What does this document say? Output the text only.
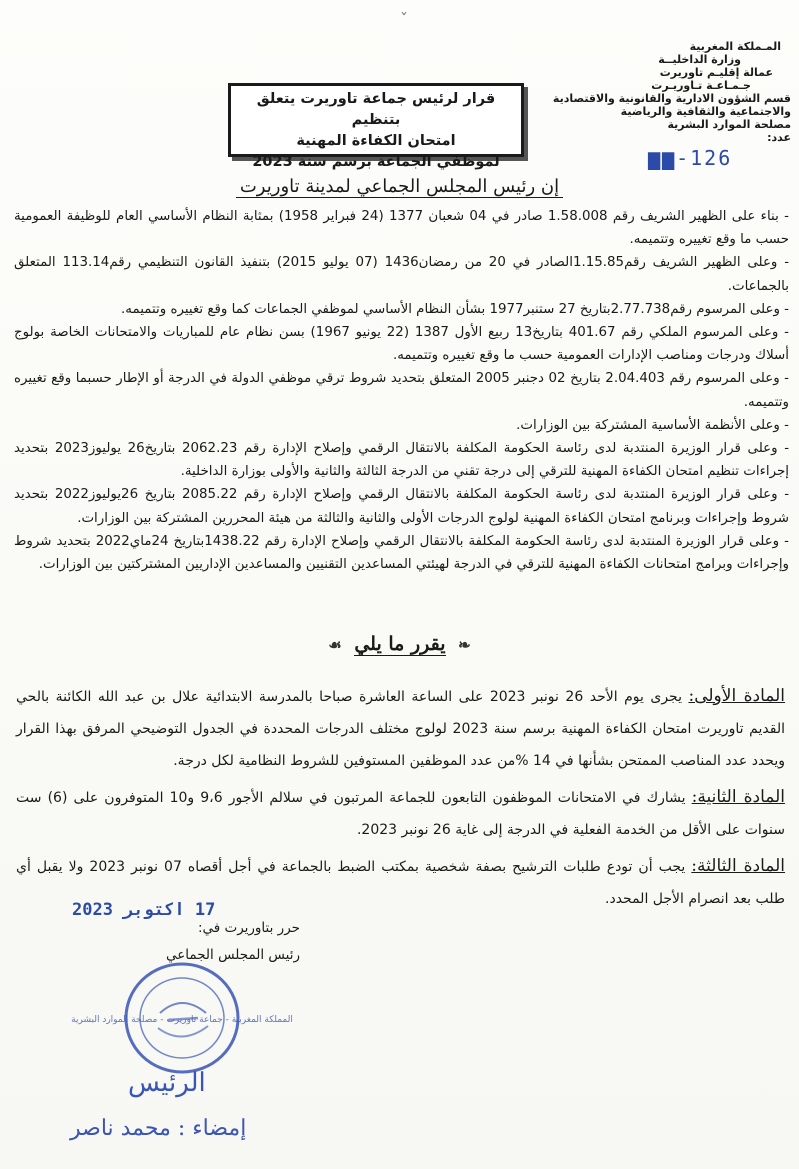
ˇ
المـملكة المغربية
وزارة الداخليــة
عمالة إقليـم تاوريرت
جـمـاعـة تـاوريـرت
قسم الشؤون الادارية والقانونية والاقتصادية
والاجتماعية والثقافية والرياضية
مصلحة الموارد البشرية
عدد:
▆▆-126
قرار لرئيس جماعة تاوريرت يتعلق بتنظيم
امتحان الكفاءة المهنية
لموظفي الجماعة برسم سنة 2023
إن رئيس المجلس الجماعي لمدينة تاوريرت

- بناء على الظهير الشريف رقم 1.58.008 صادر في 04 شعبان 1377 (24 فبراير 1958) بمثابة النظام الأساسي العام للوظيفة العمومية حسب ما وقع تغييره وتتميمه.

- وعلى الظهير الشريف رقم1.15.85الصادر في 20 من رمضان1436 (07 يوليو 2015) بتنفيذ القانون التنظيمي رقم113.14 المتعلق بالجماعات.

- وعلى المرسوم رقم2.77.738بتاريخ 27 ستنبر1977 بشأن النظام الأساسي لموظفي الجماعات كما وقع تغييره وتتميمه.

- وعلى المرسوم الملكي رقم 401.67 بتاريخ13 ربيع الأول 1387 (22 يونيو 1967) بسن نظام عام للمباريات والامتحانات الخاصة بولوج أسلاك ودرجات ومناصب الإدارات العمومية حسب ما وقع تغييره وتتميمه.

- وعلى المرسوم رقم 2.04.403 بتاريخ 02 دجنبر 2005 المتعلق بتحديد شروط ترقي موظفي الدولة في الدرجة أو الإطار حسبما وقع تغييره وتتميمه.

- وعلى الأنظمة الأساسية المشتركة بين الوزارات.

- وعلى قرار الوزيرة المنتدبة لدى رئاسة الحكومة المكلفة بالانتقال الرقمي وإصلاح الإدارة رقم 2062.23 بتاريخ26 يوليوز2023 بتحديد إجراءات تنظيم امتحان الكفاءة المهنية للترقي إلى درجة تقني من الدرجة الثالثة والثانية والأولى بوزارة الداخلية.

- وعلى قرار الوزيرة المنتدبة لدى رئاسة الحكومة المكلفة بالانتقال الرقمي وإصلاح الإدارة رقم 2085.22 بتاريخ 26يوليوز2022 بتحديد شروط وإجراءات وبرنامج امتحان الكفاءة المهنية لولوج الدرجات الأولى والثانية والثالثة من هيئة المحررين المشتركة بين الوزارات.

- وعلى قرار الوزيرة المنتدبة لدى رئاسة الحكومة المكلفة بالانتقال الرقمي وإصلاح الإدارة رقم 1438.22بتاريخ 24ماي2022 بتحديد شروط وإجراءات وبرامج امتحانات الكفاءة المهنية للترقي في الدرجة لهيئتي المساعدين التقنيين والمساعدين الإداريين المشتركتين بين الوزارات.

❧ يقرر ما يلي ☙

المادة الأولى: يجرى يوم الأحد 26 نونبر 2023 على الساعة العاشرة صباحا بالمدرسة الابتدائية علال بن عبد الله الكائنة بالحي القديم تاوريرت امتحان الكفاءة المهنية برسم سنة 2023 لولوج مختلف الدرجات المحددة في الجدول التوضيحي المرفق بهذا القرار ويحدد عدد المناصب الممتحن بشأنها في 14 %من عدد الموظفين المستوفين للشروط النظامية لكل درجة.

المادة الثانية: يشارك في الامتحانات الموظفون التابعون للجماعة المرتبون في سلالم الأجور 9،6 و10 المتوفرون على (6) ست سنوات على الأقل من الخدمة الفعلية في الدرجة إلى غاية 26 نونبر 2023.

المادة الثالثة: يجب أن تودع طلبات الترشيح بصفة شخصية بمكتب الضبط بالجماعة في أجل أقصاه 07 نونبر 2023 ولا يقبل أي طلب بعد انصرام الأجل المحدد.

17 اكتوبر 2023
حرر بتاوريرت في:
رئيس المجلس الجماعي
المملكة المغربية - جماعة تاوريرت - مصلحة الموارد البشرية
الرئيس
إمضاء : محمد ناصر
